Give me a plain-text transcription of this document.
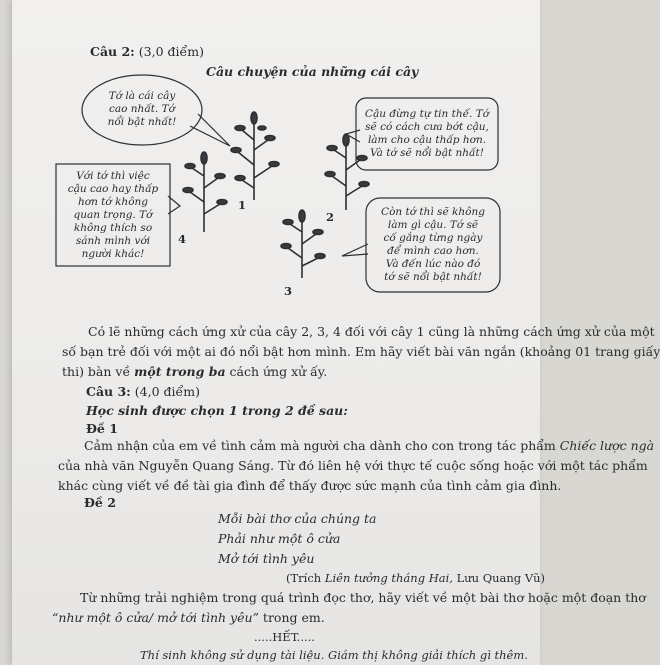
Câu 2: (3,0 điểm)
Câu chuyện của những cái cây
Tớ là cái cây
cao nhất. Tớ
nổi bật nhất!
Cậu đừng tự tin thế. Tớ
sẽ có cách cưa bớt cậu,
làm cho cậu thấp hơn.
Và tớ sẽ nổi bật nhất!
Với tớ thì việc
cậu cao hay thấp
hơn tớ không
quan trọng. Tớ
không thích so
sánh mình với
người khác!
Còn tớ thì sẽ không
làm gì cậu. Tớ sẽ
cố gắng từng ngày
để mình cao hơn.
Và đến lúc nào đó
tớ sẽ nổi bật nhất!
1
2
3
4
Có lẽ những cách ứng xử của cây 2, 3, 4 đối với cây 1 cũng là những cách ứng xử của một
số bạn trẻ đối với một ai đó nổi bật hơn mình. Em hãy viết bài văn ngắn (khoảng 01 trang giấy
thi) bàn về một trong ba cách ứng xử ấy.
Câu 3: (4,0 điểm)
Học sinh được chọn 1 trong 2 đề sau:
Đề 1
Cảm nhận của em về tình cảm mà người cha dành cho con trong tác phẩm Chiếc lược ngà
của nhà văn Nguyễn Quang Sáng. Từ đó liên hệ với thực tế cuộc sống hoặc với một tác phẩm
khác cùng viết về đề tài gia đình để thấy được sức mạnh của tình cảm gia đình.
Đề 2
Mỗi bài thơ của chúng ta
Phải như một ô cửa
Mở tới tình yêu
(Trích Liên tưởng tháng Hai, Lưu Quang Vũ)
Từ những trải nghiệm trong quá trình đọc thơ, hãy viết về một bài thơ hoặc một đoạn thơ
“như một ô cửa/ mở tới tình yêu” trong em.
.....HẾT.....
Thí sinh không sử dụng tài liệu. Giám thị không giải thích gì thêm.
